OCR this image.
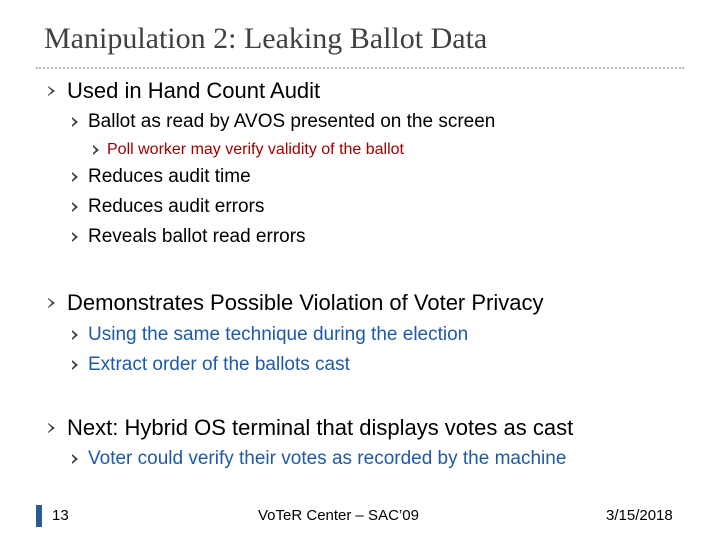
Manipulation 2: Leaking Ballot Data
Used in Hand Count Audit
Ballot as read by AVOS presented on the screen
Poll worker may verify validity of the ballot
Reduces audit time
Reduces audit errors
Reveals ballot read errors
Demonstrates Possible Violation of Voter Privacy
Using the same technique during the election
Extract order of the ballots cast
Next: Hybrid OS terminal that displays votes as cast
Voter could verify their votes as recorded by the machine
13	VoTeR Center – SAC’09	3/15/2018
